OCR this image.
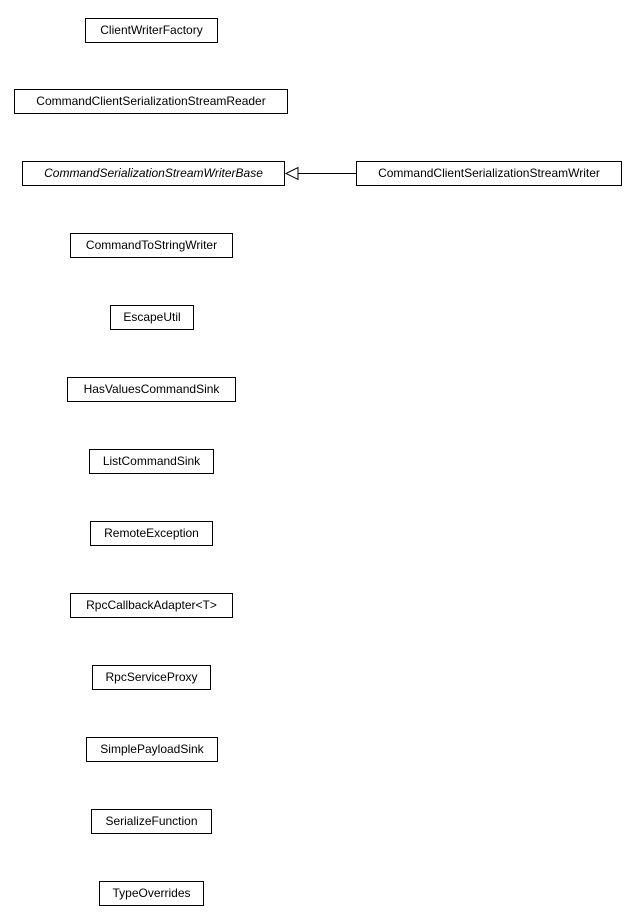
ClientWriterFactory
CommandClientSerializationStreamReader
CommandSerializationStreamWriterBase	CommandClientSerializationStreamWriter
CommandToStringWriter
EscapeUtil
HasValuesCommandSink
ListCommandSink
RemoteException
RpcCallbackAdapter<T>
RpcServiceProxy
SimplePayloadSink
SerializeFunction
TypeOverrides
